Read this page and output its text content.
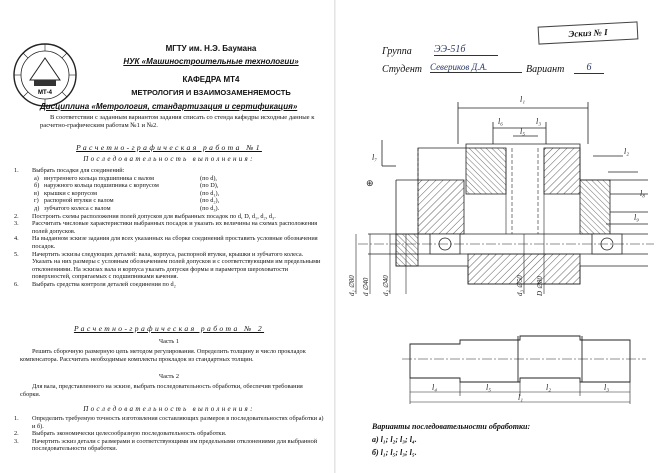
МТ-4
МГТУ им. Н.Э. Баумана
НУК «Машиностроительные технологии»
КАФЕДРА МТ4
МЕТРОЛОГИЯ И ВЗАИМОЗАМЕНЯЕМОСТЬ
Дисциплина «Метрология, стандартизация и сертификация»
В соответствии с заданным вариантом задания списать со стенда кафедры исходные данные к расчетно-графическим работам №1 и №2.
Расчетно-графическая работа №1
Последовательность выполнения:
1. Выбрать посадки для соединений:
а) внутреннего кольца подшипника с валом	(по d),
б) наружного кольца подшипника с корпусом	(по D),
в) крышки с корпусом	(по d₁),
г) распорной втулки с валом	(по d₂),
д) зубчатого колеса с валом	(по d₃).
2. Построить схемы расположения полей допусков для выбранных посадок по d, D, d₁, d₂, d₃.
3. Рассчитать числовые характеристики выбранных посадок и указать их величины на схемах расположения полей допусков.
4. На выданном эскизе задания для всех указанных на сборке соединений проставить условные обозначения посадок.
5. Начертить эскизы следующих деталей: вала, корпуса, распорной втулки, крышки и зубчатого колеса. Указать на них размеры с условным обозначением полей допусков и с соответствующими им предельными отклонениями. На эскизах вала и корпуса указать допуски формы и параметров шероховатости поверхностей, сопрягаемых с подшипниками качения.
6. Выбрать средства контроля деталей соединения по d₂
Расчетно-графическая работа № 2
Часть 1
Решить сборочную размерную цепь методом регулирования. Определить толщину и число прокладок компенсатора. Рассчитать необходимые комплекты прокладок из стандартных толщин.
Часть 2
Для вала, представленного на эскизе, выбрать последовательность обработки, обеспечив требования сборки.
Последовательность выполнения:
1. Определить требуемую точность изготовления составляющих размеров в последовательностях обработки а) и б).
2. Выбрать экономически целесообразную последовательность обработки.
3. Начертить эскиз детали с размерами и соответствующими им предельными отклонениями для выбранной последовательности обработки.
Эскиз № I
Группа ЭЭ-51б
Студент Севериков Д.А.	Вариант	6
l₁
l₂
l₆
l₅
l₃
l₇
l₈
l₉
⊕
d₁ ∅80 d ∅40 d₂ ∅40	d₃ ∅50 D ∅80
l₄	l₅	l₂	l₃
l₁
Варианты последовательности обработки:
а) l₁; l₂; l₃; l₄.
б) l₁; l₅; l₃; l₅.
